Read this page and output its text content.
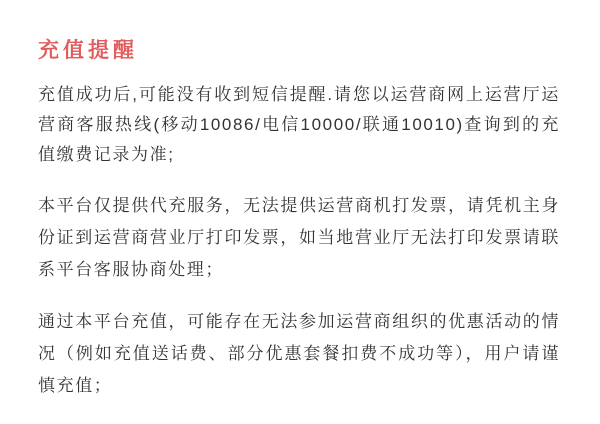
充值提醒

充值成功后,可能没有收到短信提醒.请您以运营商网上运营厅运营商客服热线(移动10086/电信10000/联通10010)查询到的充值缴费记录为准;

本平台仅提供代充服务，无法提供运营商机打发票，请凭机主身份证到运营商营业厅打印发票，如当地营业厅无法打印发票请联系平台客服协商处理；

通过本平台充值，可能存在无法参加运营商组织的优惠活动的情况（例如充值送话费、部分优惠套餐扣费不成功等），用户请谨慎充值；
